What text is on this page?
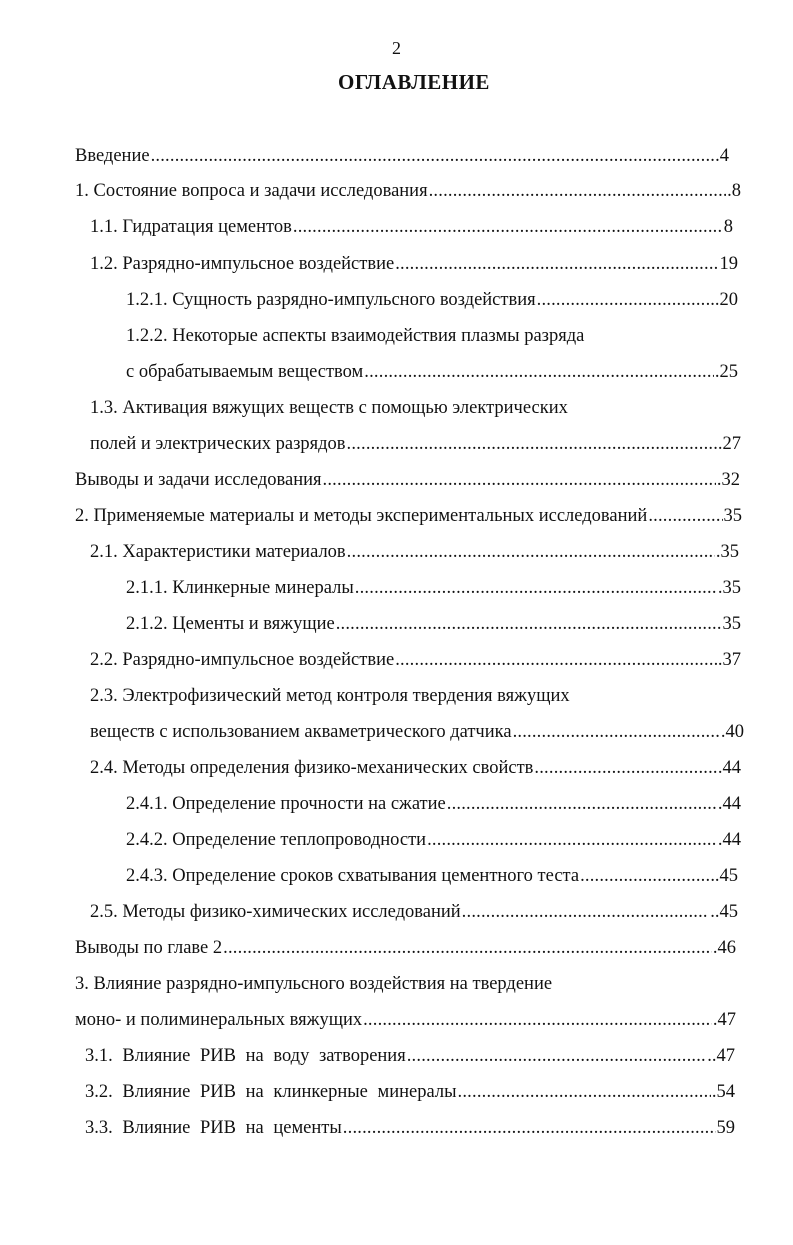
2
ОГЛАВЛЕНИЕ
Введение .....	.4
1. Состояние вопроса и задачи исследования .....	.8
1.1. Гидратация цементов .....	8
1.2. Разрядно-импульсное воздействие .....	19
1.2.1. Сущность разрядно-импульсного воздействия .....	...20
1.2.2. Некоторые аспекты взаимодействия плазмы разряда
с обрабатываемым веществом .....	.25
1.3. Активация вяжущих веществ с помощью электрических
полей и электрических разрядов .....	.27
Выводы и задачи исследования .....	.32
2. Применяемые материалы и методы экспериментальных исследований .....	35
2.1. Характеристики материалов .....	.35
2.1.1. Клинкерные минералы .....	.35
2.1.2. Цементы и вяжущие .....	35
2.2. Разрядно-импульсное воздействие .....	.37
2.3. Электрофизический метод контроля твердения вяжущих
веществ с использованием акваметрического датчика .....	.40
2.4. Методы определения физико-механических свойств .....	.44
2.4.1. Определение прочности на сжатие .....	.44
2.4.2. Определение теплопроводности .....	.44
2.4.3. Определение сроков схватывания цементного теста .....	.45
2.5. Методы физико-химических исследований .....	..45
Выводы по главе 2 .....	.46
3. Влияние разрядно-импульсного воздействия на твердение
моно- и полиминеральных вяжущих .....	.47
3.1. Влияние РИВ на воду затворения .....	..47
3.2. Влияние РИВ на клинкерные минералы .....	.54
3.3. Влияние РИВ на цементы .....	59
